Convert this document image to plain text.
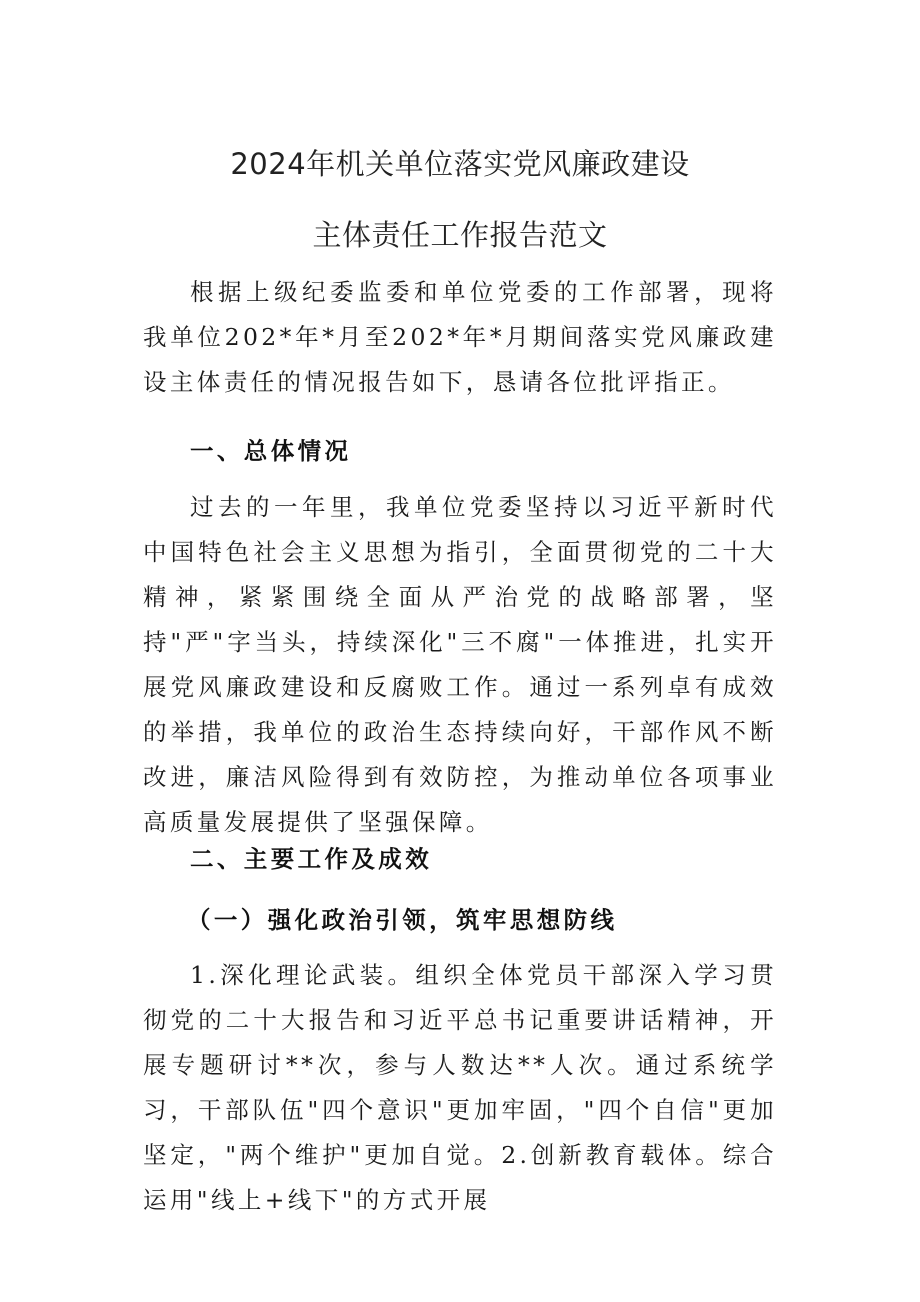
2024年机关单位落实党风廉政建设
主体责任工作报告范文
根据上级纪委监委和单位党委的工作部署，现将我单位202*年*月至202*年*月期间落实党风廉政建设主体责任的情况报告如下，恳请各位批评指正。
一、总体情况
过去的一年里，我单位党委坚持以习近平新时代中国特色社会主义思想为指引，全面贯彻党的二十大精神，紧紧围绕全面从严治党的战略部署，坚持"严"字当头，持续深化"三不腐"一体推进，扎实开展党风廉政建设和反腐败工作。通过一系列卓有成效的举措，我单位的政治生态持续向好，干部作风不断改进，廉洁风险得到有效防控，为推动单位各项事业高质量发展提供了坚强保障。
二、主要工作及成效
（一）强化政治引领，筑牢思想防线
1.深化理论武装。组织全体党员干部深入学习贯彻党的二十大报告和习近平总书记重要讲话精神，开展专题研讨**次，参与人数达**人次。通过系统学习，干部队伍"四个意识"更加牢固，"四个自信"更加坚定，"两个维护"更加自觉。2.创新教育载体。综合运用"线上+线下"的方式开展
